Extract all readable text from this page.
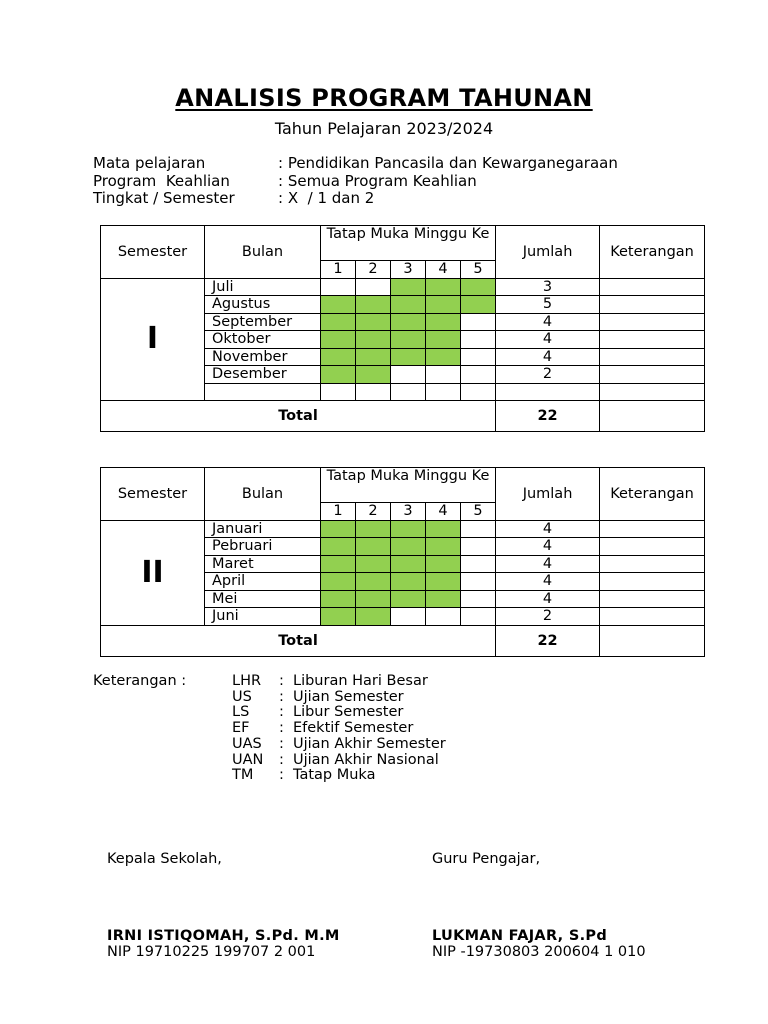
ANALISIS PROGRAM TAHUNAN
Tahun Pelajaran 2023/2024
Mata pelajaran	: Pendidikan Pancasila dan Kewarganegaraan
Program  Keahlian	: Semua Program Keahlian
Tingkat / Semester	: X  / 1 dan 2
Semester	Bulan	Tatap Muka Minggu Ke					Jumlah	Keterangan
		1	2	3	4	5		
I	Juli						3	
	Agustus						5	
	September						4	
	Oktober						4	
	November						4	
	Desember						2	

Total							22	
Semester	Bulan	Tatap Muka Minggu Ke					Jumlah	Keterangan
		1	2	3	4	5		
II	Januari						4	
	Pebruari						4	
	Maret						4	
	April						4	
	Mei						4	
	Juni						2	
Total							22	
Keterangan :	LHR	: Liburan Hari Besar
US	: Ujian Semester
LS	: Libur Semester
EF	: Efektif Semester
UAS	: Ujian Akhir Semester
UAN	: Ujian Akhir Nasional
TM	: Tatap Muka
Kepala Sekolah,
IRNI ISTIQOMAH, S.Pd. M.M
NIP 19710225 199707 2 001
Guru Pengajar,
LUKMAN FAJAR, S.Pd
NIP -19730803 200604 1 010
